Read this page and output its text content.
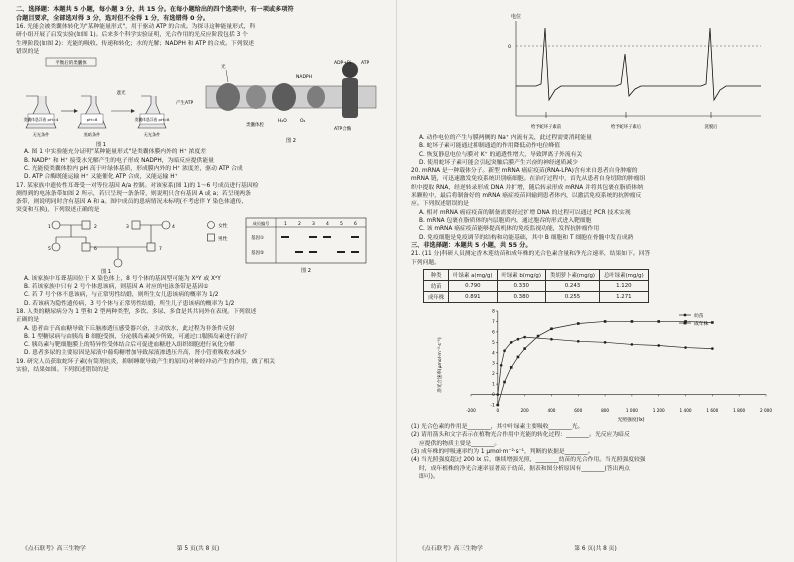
二、选择题：本题共 5 小题，每小题 3 分，共 15 分。在每小题给出的四个选项中，有一项或多项符

合题目要求，全部选对得 3 分，选对但不全得 1 分，有选错得 0 分。

16. 光能会被类囊体转化为"某种能量形式"，用于驱动 ATP 的合成。为探寻这种能量形式，科

研小组开展了启发实验(如图 1)。后来多个科学实验证明，光合作用的光反应阶段包括 3 个

生理阶段(如图 2)：光能的吸收、传递和转化；水的光解；NADPH 和 ATP 的合成。下列叙述

错误的是

平衡后的类囊体
类囊体悬浮液 pH=4	pH=8	类囊体悬浮液 pH=8
遮光
产生ATP
无光条件	黑暗条件	无光条件
图 1
ADP+Pi ATP
光
类囊体腔
H₂O	O₂
ATP合酶
NADPH
图 2

A. 图 1 中实验能充分证明"某种能量形式"是类囊体膜内外的 H⁺ 浓度差

B. NADP⁺ 和 H⁺ 接受水光解产生的电子形成 NADPH，为暗反应提供能量

C. 光能使类囊体腔内 pH 高于叶绿体基质，形成膜内外的 H⁺ 浓度差，驱动 ATP 合成

D. ATP 合酶既能运输 H⁺ 又能催化 ATP 合成，又能运输 H⁺

17. 某家族中遗传性耳聋受一对等位基因 A/a 控制。对该家系(图 1)的 1～6 号成员进行基因检

测得到的电泳条带如图 2 所示，若只呈现一条条带，则说明只含有基因 A 或 a；若呈现两条

条带，则说明同时含有基因 A 和 a。图中成员的患病情况未标明(不考虑伴 Y 染色体遗传、

突变和互换)，下列叙述正确的是

1	2	3	4
5	6	7
女性
男性
图 1
成员编号	1 2 3 4 5 6
基因①
基因②
图 2

A. 该家族中耳聋基因位于 X 染色体上，8 号个体的基因型可能为 XᴬY 或 XᵃY

B. 若该家族中只有 2 号个体患该病，则基因 A 对应的电泳条带是基因①

C. 若 7 号个体不患该病，与正常男性结婚，则所生女儿患该病的概率为 1/2

D. 若该病为隐性遗传病，3 号个体与正常男性结婚，所生儿子患该病的概率为 1/2

18. 人类的糖尿病分为 1 型和 2 型两种类型，多饮、多尿、多食是其共同外在表现。下列叙述

正确的是

A. 患者由于高血糖导致下丘脑渗透压感受器兴奋，主动饮水，此过程为非条件反射

B. 1 型糖尿病与由胰岛 B 细胞受损，分泌胰岛素减少所致，可通过口服胰岛素进行治疗

C. 胰岛素与靶细胞膜上的特异性受体结合后可促进血糖进入组织细胞进行氧化分解

D. 患者多尿的主要原因是尿液中葡萄糖增加导致尿液渗透压升高，肾小管重吸收水减少

19. 研究人员获取蛇坏子素(有筒剂抗炎，抑制睡眠导致产生的原因)对神经冲动产生的作用，做了相关

实验，结果如图。下列叙述错误的是

《点石联考》高三生物学	第 5 页(共 8 页)
电位
0
给予蛇坏子素前	给予蛇坏子素后	洗脱后

A. 动作电位的产生与膜两侧的 Na⁺ 内流有关，此过程需要消耗能量

B. 蛇坏子素可能通过抑制通道的作用降低动作电位峰值

C. 恢复静息电位与膜对 K⁺ 的通透性增大，导致钾离子外流有关

D. 使用蛇坏子素可能会引起突触后膜产生兴奋的神经递质减少

20. mRNA 是一种载体分子。新型 mRNA 癌症疫苗(RNA-LPA)含有来自患者自身肿瘤的

mRNA 链，可迅速激发免疫系统识别癌细胞。在治疗过程中，首先从患者自身切除的肿瘤组

织中提取 RNA，经逆转录形成 DNA 并扩增，随后转录形成 mRNA 并将其包裹在脂质体纳

米颗粒中，最后将制备好的 mRNA 癌症疫苗回输到患者体内，以激活免疫系统的抗肿瘤反

应。下列叙述错误的是

A. 相对 mRNA 癌症疫苗的制备需要经过扩增 DNA 的过程可以通过 PCR 技术实现

B. mRNA 包裹在脂质体的内层胞质内，通过胞吞的形式进入靶细胞

C. 该 mRNA 癌症疫苗能够提高机体的免疫监视功能，发挥抗肿瘤作用

D. 免疫细胞是免疫调节的结构和功能基础，其中 B 细胞和 T 细胞在骨髓中发育成熟

三、非选择题：本题共 5 小题，共 55 分。

21. (11 分)科研人员测定香木莲幼苗和成年株的光合色素含量和净光合速率，结果如下。回答

下列问题。

种类	叶绿素 a(mg/g)	叶绿素 b(mg/g)	类胡萝卜素(mg/g)	总叶绿素(mg/g)
幼苗	0.790	0.330	0.243	1.120
成年株	0.891	0.380	0.255	1.271
-200	0	200	400	600	800	1 000	1 200	1 400	1 600	1 800	2 000
-1
0
1
2
3
4
5
6
7
8
净光合速率(μmol·m⁻²·s⁻¹)
光照强度(lx)
幼苗
成年株

(1) 光合色素的作用是________，其中叶绿素主要吸收________光。

(2) 请用箭头和文字表示在植物光合作用中光能的转化过程：________。光反应为暗反

应提供的物质主要是________。

(3) 成年株的呼吸速率约为 1 μmol·m⁻²·s⁻¹，判断的依据是________。

(4) 当光照强度超过 200 lx 后，继续增强光照，________幼苗的光合作用。当光照强度较强

时，成年植株的净光合速率显著高于幼苗，据表和图分析原因有________(答出两点

即可)。

《点石联考》高三生物学	第 6 页(共 8 页)
